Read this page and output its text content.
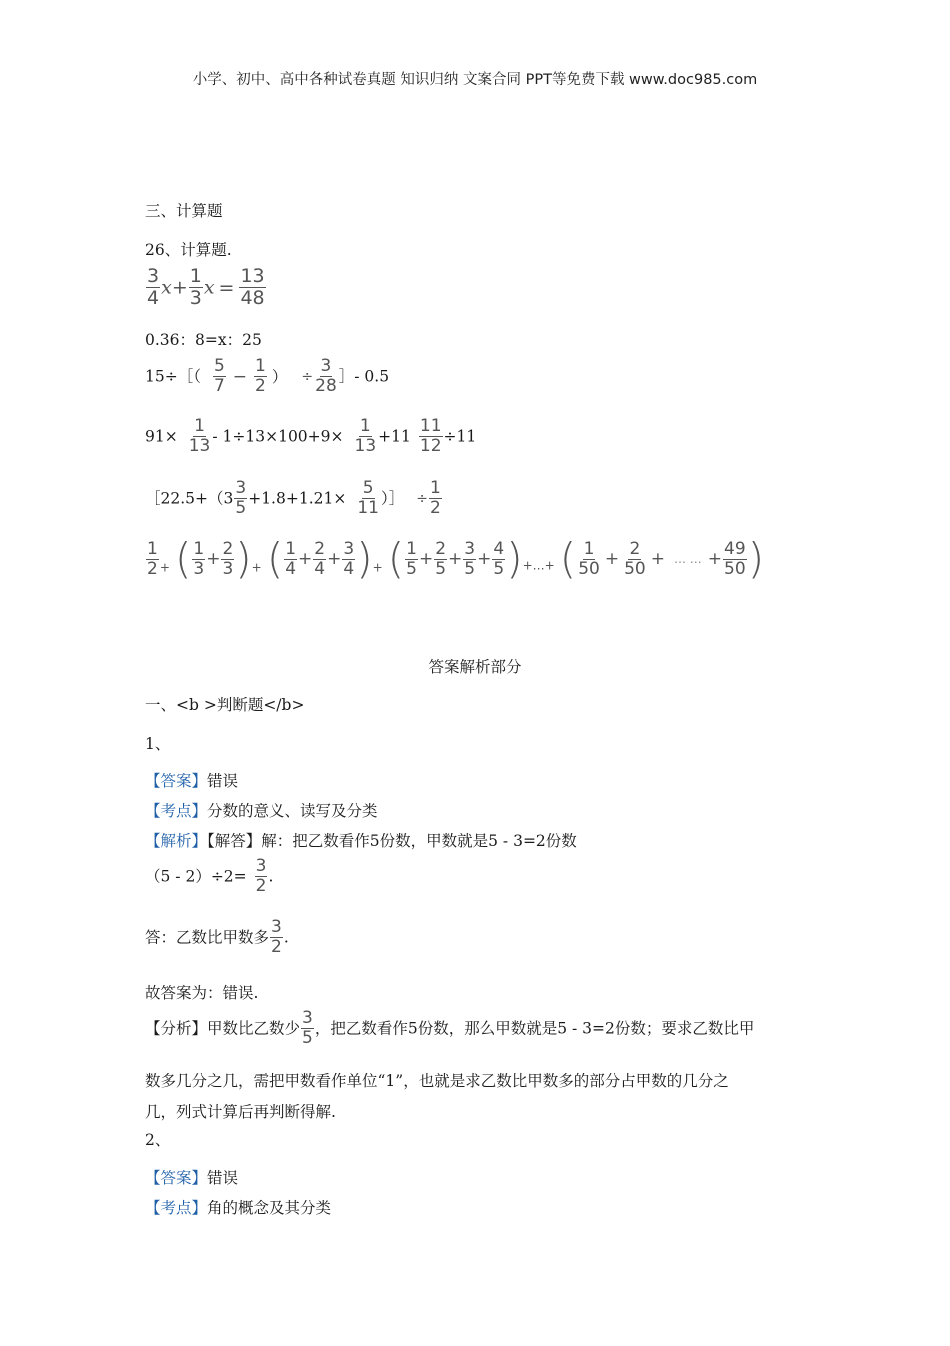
小学、初中、高中各种试卷真题 知识归纳 文案合同 PPT等免费下载 www.doc985.com
三、计算题
26、计算题.
$\frac{3}{4} x+ \frac{1}{3}$ $x = \frac{13}{48}$
0.36：8=x：25
15÷［（ $\frac{5}{7} - \frac{1}{2}$ ） ÷ $\frac{3}{28}$ ］- 0.5
$91\times \frac{1}{13} - 1\div 13\times 100+9\times \frac{1}{13} +11 \frac{11}{12} \div 11$
［22.5+（3 $\frac{3}{5} +1.8+1.21\times \frac{5}{11}$ ）］ ÷ $\frac{1}{2}$
$\frac{1}{2} _+$ ( $\frac{1}{3} + \frac{2}{3} )_+$ ( $\frac{1}{4} + \frac{2}{4} + \frac{3}{4} )_+$ ( $\frac{1}{5} + \frac{2}{5} + \frac{3}{5} + \frac{4}{5} )_{+\dots+}$ ( $\frac{1}{50} + \frac{2}{50}$ + … … + $\frac{49}{50}$ )
答案解析部分
一、<b >判断题</b>
1、
【答案】错误
【考点】分数的意义、读写及分类
【解析】【解答】解：把乙数看作5份数，甲数就是5 - 3=2份数
$(5 - 2)\div 2= \frac{3}{2}$ .
答：乙数比甲数多 $\frac{3}{2}$ .
故答案为：错误.
【分析】甲数比乙数少 $\frac{3}{5}$ ，把乙数看作5份数，那么甲数就是5 - 3=2份数；要求乙数比甲
数多几分之几，需把甲数看作单位“1”，也就是求乙数比甲数多的部分占甲数的几分之
几，列式计算后再判断得解.
2、
【答案】错误
【考点】角的概念及其分类
